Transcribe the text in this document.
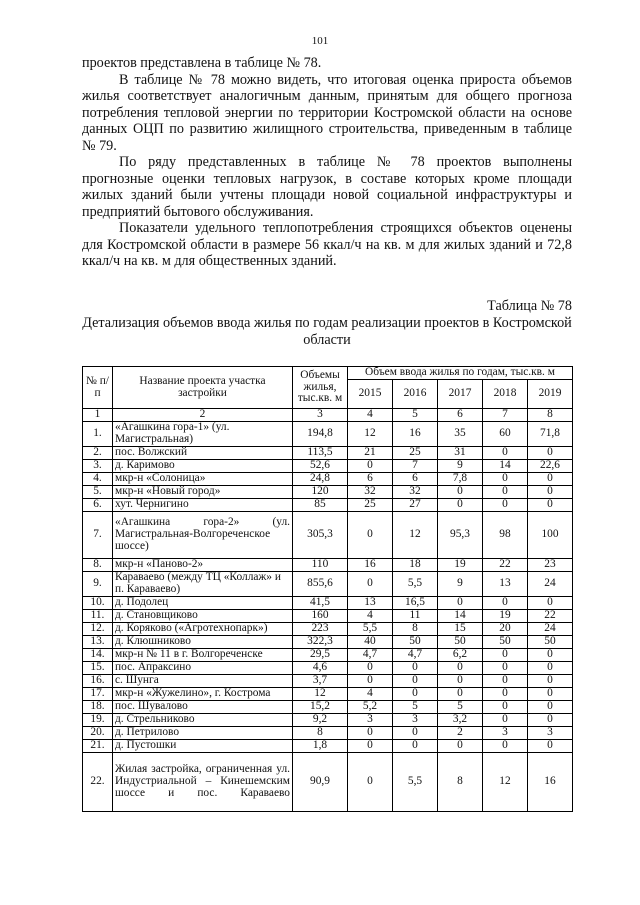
101

проектов представлена в таблице № 78.

В таблице № 78 можно видеть, что итоговая оценка прироста объемов жилья соответствует аналогичным данным, принятым для общего прогноза потребления тепловой энергии по территории Костромской области на основе данных ОЦП по развитию жилищного строительства, приведенным в таблице № 79.

По ряду представленных в таблице № 78 проектов выполнены прогнозные оценки тепловых нагрузок, в составе которых кроме площади жилых зданий были учтены площади новой социальной инфраструктуры и предприятий бытового обслуживания.

Показатели удельного теплопотребления строящихся объектов оценены для Костромской области в размере 56 ккал/ч на кв. м для жилых зданий и 72,8 ккал/ч на кв. м для общественных зданий.

Таблица № 78
Детализация объемов ввода жилья по годам реализации проектов в Костромской области
№ п/п	Название проекта участка застройки	Объемы жилья, тыс.кв. м	Объем ввода жилья по годам, тыс.кв. м				
			2015	2016	2017	2018	2019
1	2	3	4	5	6	7	8
1.	«Агашкина гора-1» (ул. Магистральная)	194,8	12	16	35	60	71,8
2.	пос. Волжский	113,5	21	25	31	0	0
3.	д. Каримово	52,6	0	7	9	14	22,6
4.	мкр-н «Солоница»	24,8	6	6	7,8	0	0
5.	мкр-н «Новый город»	120	32	32	0	0	0
6.	хут. Чернигино	85	25	27	0	0	0
7.	«Агашкина гора-2» (ул. Магистральная-Волгореченское шоссе)	305,3	0	12	95,3	98	100
8.	мкр-н «Паново-2»	110	16	18	19	22	23
9.	Караваево (между ТЦ «Коллаж» и п. Караваево)	855,6	0	5,5	9	13	24
10.	д. Подолец	41,5	13	16,5	0	0	0
11.	д. Становщиково	160	4	11	14	19	22
12.	д. Коряково («Агротехнопарк»)	223	5,5	8	15	20	24
13.	д. Клюшниково	322,3	40	50	50	50	50
14.	мкр-н № 11 в г. Волгореченске	29,5	4,7	4,7	6,2	0	0
15.	пос. Апраксино	4,6	0	0	0	0	0
16.	с. Шунга	3,7	0	0	0	0	0
17.	мкр-н «Жужелино», г. Кострома	12	4	0	0	0	0
18.	пос. Шувалово	15,2	5,2	5	5	0	0
19.	д. Стрельниково	9,2	3	3	3,2	0	0
20.	д. Петрилово	8	0	0	2	3	3
21.	д. Пустошки	1,8	0	0	0	0	0
22.	Жилая застройка, ограниченная ул. Индустриальной – Кинешемским шоссе и пос. Караваево	90,9	0	5,5	8	12	16
